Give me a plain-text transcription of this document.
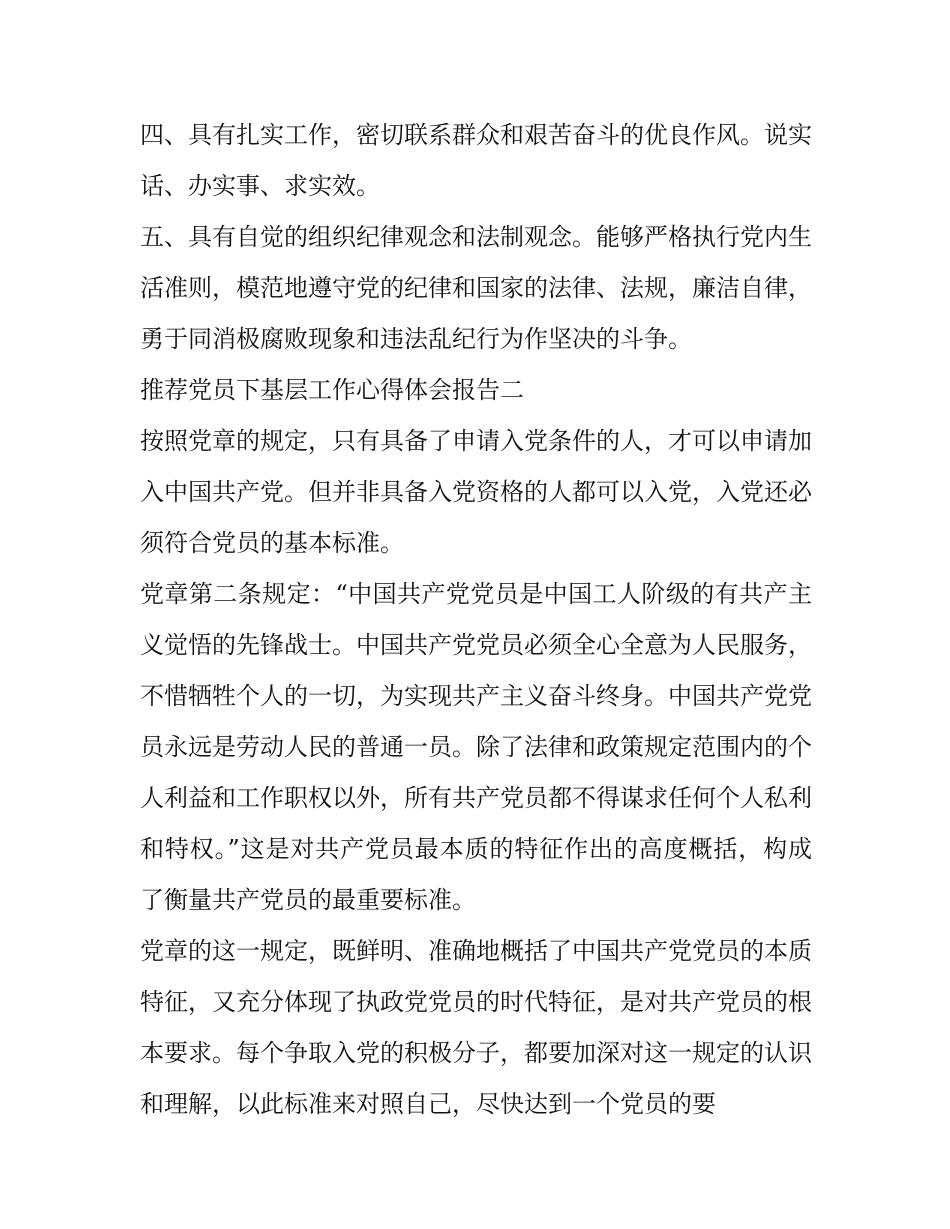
四、具有扎实工作，密切联系群众和艰苦奋斗的优良作风。说实话、办实事、求实效。

五、具有自觉的组织纪律观念和法制观念。能够严格执行党内生活准则，模范地遵守党的纪律和国家的法律、法规，廉洁自律，勇于同消极腐败现象和违法乱纪行为作坚决的斗争。

推荐党员下基层工作心得体会报告二

按照党章的规定，只有具备了申请入党条件的人，才可以申请加入中国共产党。但并非具备入党资格的人都可以入党，入党还必须符合党员的基本标准。

党章第二条规定：“中国共产党党员是中国工人阶级的有共产主义觉悟的先锋战士。中国共产党党员必须全心全意为人民服务，不惜牺牲个人的一切，为实现共产主义奋斗终身。中国共产党党员永远是劳动人民的普通一员。除了法律和政策规定范围内的个人利益和工作职权以外，所有共产党员都不得谋求任何个人私利和特权。”这是对共产党员最本质的特征作出的高度概括，构成了衡量共产党员的最重要标准。

党章的这一规定，既鲜明、准确地概括了中国共产党党员的本质特征，又充分体现了执政党党员的时代特征，是对共产党员的根本要求。每个争取入党的积极分子，都要加深对这一规定的认识和理解，以此标准来对照自己，尽快达到一个党员的要
